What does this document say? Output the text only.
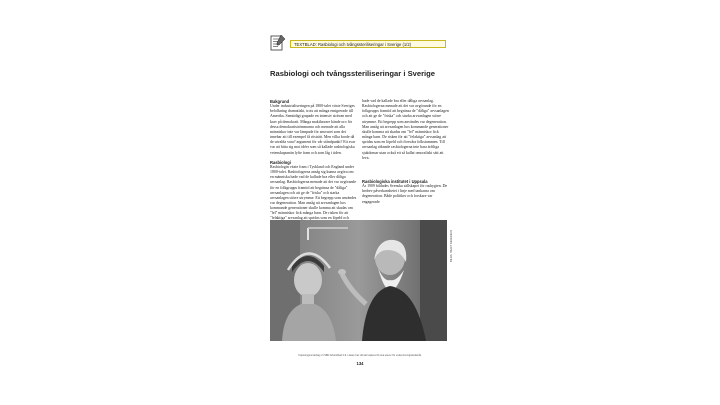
TEXTBLAD: Rasbiologi och tvångssteriliseringar i Sverige (1/2)
Rasbiologi och tvångssteriliseringar i Sverige
Bakgrund

Under industrialiseringen på 1800-talet växte Sveriges befolkning dramatiskt, trots att många emigrerade till Amerika. Samtidigt grapade en intensiv strävan med krav på demokrati. Många makthavare kände oro för dessa demokratiströmmarna och menade att alla människor inte var lämpade för ansvaret som det innebar att till exempel få rösträtt. Men vilka borde då de utvalda vara? argument för vår ståndpunkt? Ett svar var att hitta sig mot idéer som så kallade rasbiologiska vetenskapsmän lyfte fram och som låg i tiden.

Rasbiologi

Rasbiologin växte fram i Tyskland och England under 1800-talet. Rasbiologerna ansåg sig kunna avgöra om en människa hade vad de kallade bra eller dåliga arvsanlag. Rasbiologerna menade att det var avgörande för en folkgrupps framtid att begränsa de "dåliga" arvsanlagen och att ge de "friska" och starka arvsanlagen större utrymme. Ett begrepp som användes var degeneration. Man ansåg att arvsanlagen hos kommande generationer skulle komma att skadas om "fel" människor fick många barn. De risken för att "felaktiga" arvsanlag att spridas som en löpeld och

hade vad de kallade bra eller dåliga arvsanlag. Rasbiologerna menade att det var avgörande för en folkgrupps framtid att begränsa de "dåliga" arvsanlagen och att ge de "friska" och starka arvsanlagen större utrymme. Ett begrepp som användes var degeneration. Man ansåg att arvsanlagen hos kommande generationer skulle komma att skadas om "fel" människor fick många barn. De risken för att "felaktiga" arvsanlag att spridas som en löpeld och försvåra folkstammen. Till arvsanlag räknade rasbiologerna inte bara ärftliga sjukdomar utan också ett så kallat omoraliskt sätt att leva.

Rasbiologiska institutet i Uppsala

År 1909 bildades Svenska sällskapet för rashygien. De hedrev påverkanshetet i linje med tankarna om degeneration. Både politiker och forskare var engagerade

BILDA: SKAFT REFERENS
Kopieringsunderlag ur ISBN Arbetsblad 4-9. Lärare har rätt att kopiera till sina elever för undervisningsändamål.
134
